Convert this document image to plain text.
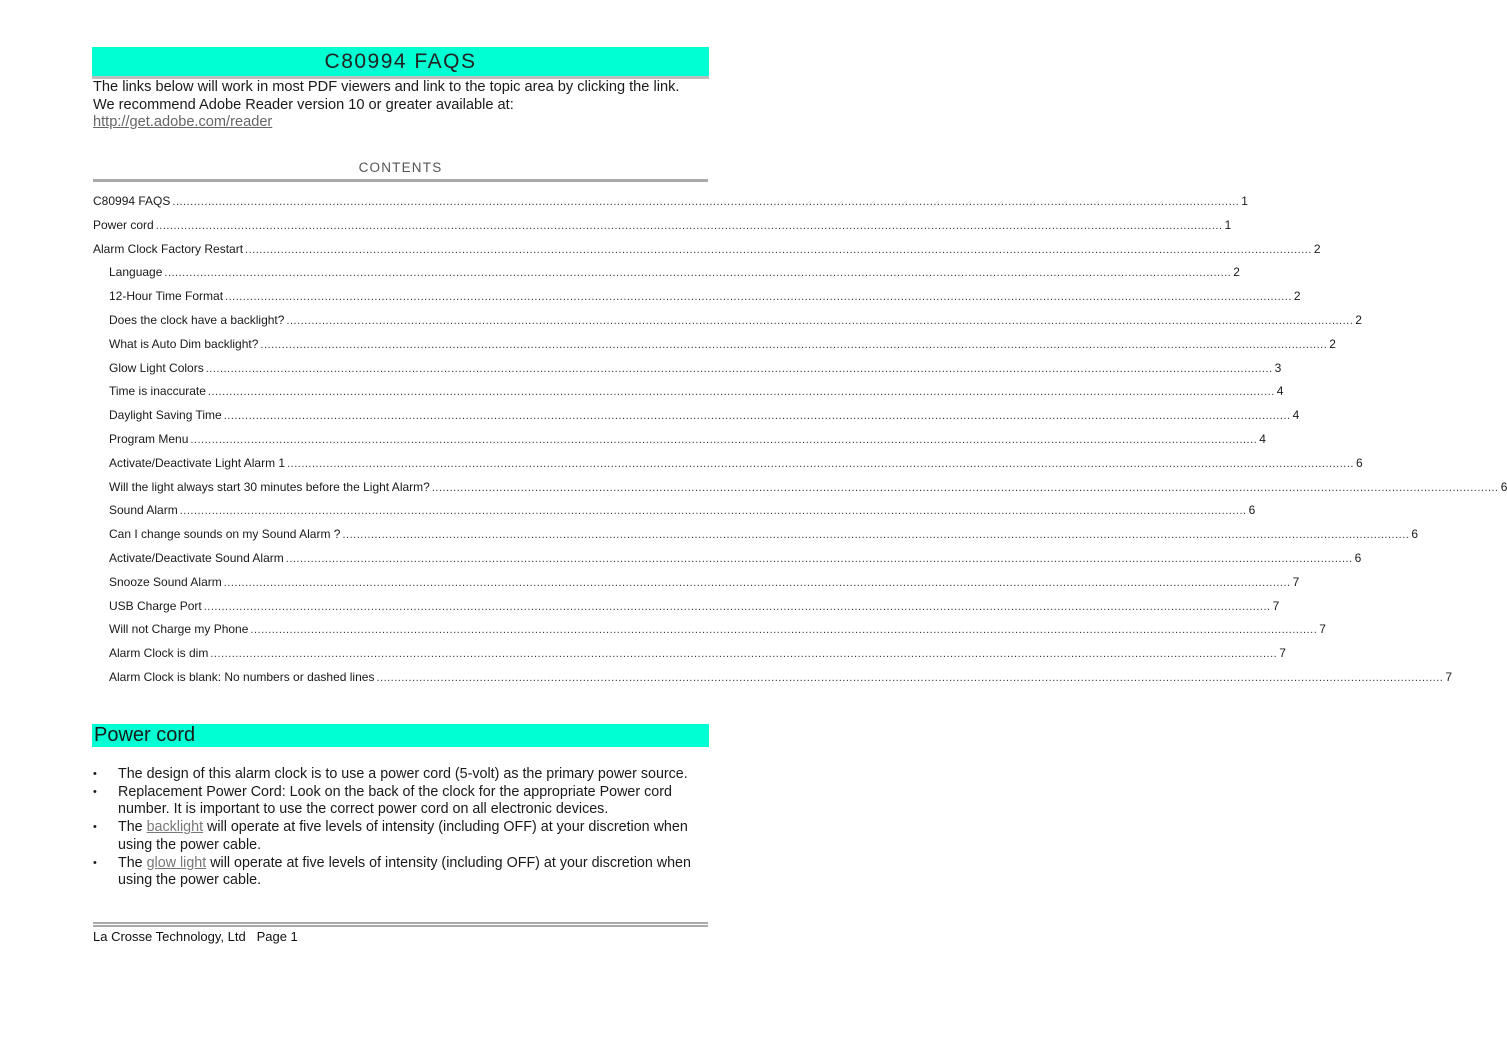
C80994 FAQS
The links below will work in most PDF viewers and link to the topic area by clicking the link. We recommend Adobe Reader version 10 or greater available at:
http://get.adobe.com/reader
CONTENTS
C80994 FAQS ............................................................................................................................................................................................................................................................................................................ 1
Power cord ............................................................................................................................................................................................................................................................................................................ 1
Alarm Clock Factory Restart ............................................................................................................................................................................................................................................................................................................ 2
Language ............................................................................................................................................................................................................................................................................................................ 2
12-Hour Time Format ............................................................................................................................................................................................................................................................................................................ 2
Does the clock have a backlight? ............................................................................................................................................................................................................................................................................................................ 2
What is Auto Dim backlight? ............................................................................................................................................................................................................................................................................................................ 2
Glow Light Colors ............................................................................................................................................................................................................................................................................................................ 3
Time is inaccurate ............................................................................................................................................................................................................................................................................................................ 4
Daylight Saving Time ............................................................................................................................................................................................................................................................................................................ 4
Program Menu ............................................................................................................................................................................................................................................................................................................ 4
Activate/Deactivate Light Alarm 1 ............................................................................................................................................................................................................................................................................................................ 6
Will the light always start 30 minutes before the Light Alarm? ............................................................................................................................................................................................................................................................................................................ 6
Sound Alarm ............................................................................................................................................................................................................................................................................................................ 6
Can I change sounds on my Sound Alarm ? ............................................................................................................................................................................................................................................................................................................ 6
Activate/Deactivate Sound Alarm ............................................................................................................................................................................................................................................................................................................ 6
Snooze Sound Alarm ............................................................................................................................................................................................................................................................................................................ 7
USB Charge Port ............................................................................................................................................................................................................................................................................................................ 7
Will not Charge my Phone ............................................................................................................................................................................................................................................................................................................ 7
Alarm Clock is dim ............................................................................................................................................................................................................................................................................................................ 7
Alarm Clock is blank: No numbers or dashed lines ............................................................................................................................................................................................................................................................................................................ 7
Power cord
•	The design of this alarm clock is to use a power cord (5-volt) as the primary power source.
•	Replacement Power Cord: Look on the back of the clock for the appropriate Power cord number. It is important to use the correct power cord on all electronic devices.
•	The backlight will operate at five levels of intensity (including OFF) at your discretion when using the power cable.
•	The glow light will operate at five levels of intensity (including OFF) at your discretion when using the power cable.
La Crosse Technology, Ltd Page 1
